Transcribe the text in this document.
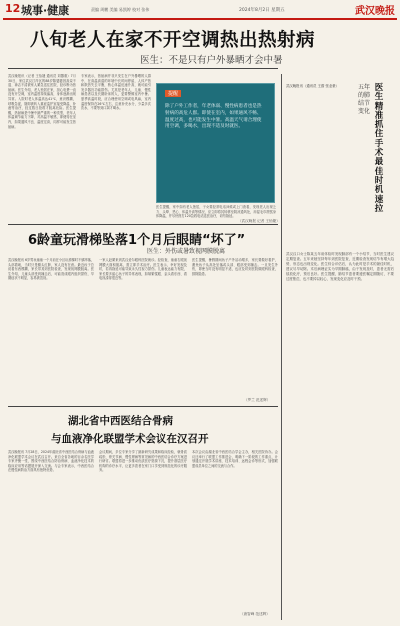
12 城事·健康	责编 周鹏 美编 易凯婷 校对 张伟	2024年8月2日 星期五	武汉晚报
八旬老人在家不开空调热出热射病
医生：不是只有户外暴晒才会中暑
武汉晚报讯（记者 王怡婕 通讯员 刘馨惠）7月30日，家住武汉江岸区的88岁陈婆婆因高烧不退、神志不清被家人紧急送往医院，经诊断为热射病。医生介绍，老人独居在家，担心电费一直没有开空调，室内温度持续偏高，身体逐渐出现异常。入院时老人体温高达41℃，意识模糊，呼吸急促，随即被转入重症监护室接受降温、补液等治疗，经过数日抢救才脱离危险。医生提醒，热射病是中暑中最严重的一种类型，老年人体温调节能力下降，对高温不敏感，即便待在室内，如果通风不良、温度过高，同样可能发生热射病。
专家表示，热射病并非只发生在户外暴晒的人群中，在高温高湿的环境中长时间停留，人体产热和散热失去平衡，核心体温迅速升高，就可能引发多器官功能损伤。尤其是老年人、儿童、慢性病患者以及长期卧床的人，更要警惕室内中暑。夏季高温时段，应合理使用空调或电风扇，室内温度保持在26℃左右，注意补充水分，少量多次饮水，不要等到口渴才喝水。
医生提醒，家中如有老人独居，子女要经常电话问候或上门查看，发现老人出现乏力、头晕、恶心、体温升高等情况，应立即将其转移至阴凉通风处，用湿毛巾擦拭身体降温，并尽快拨打120急救电话送医治疗，切勿拖延。
提醒
除了户外工作者，年老体弱、慢性病患者也是热射病的高危人群。即使在室内，如果通风不畅、温度过高，也可能发生中暑。高温天气请合理使用空调，多喝水，出现不适及时就医。
（武汉晚报 记者 王怡婕）
6龄童玩滑梯坠落1个月后眼睛“坏了”
医生：外伤或暑致视网膜脱离
武汉晚报讯 6岁男孩童童一个月前在小区玩滑梯时不慎摔落，头部着地，当时只是额头红肿，家人没有在意。最近孩子总说看东西模糊，家长带其到医院检查，发现视网膜脱离。医生介绍，儿童头部受到撞击后，可能造成眼内组织损伤，早期症状不明显，容易被忽视。
一家人赶紧来到武汉爱尔眼科医院就诊。经检查，童童右眼视网膜大面积脱离，需立即手术治疗。医生表示，幸好发现及时，若再拖延可能导致永久性视力损伤。儿童表达能力有限，家长要多留心孩子的异常表现，如频繁揉眼、歪头看东西、看电视凑得很近等。
医生提醒，暑假期间孩子户外活动增多，家长要做好看护，避免孩子从高处坠落或头部、眼部受到撞击。一旦发生外伤，即使当时没有明显不适，也应及时到医院做眼科检查，排除隐患。
（罗兰 范述辉）
湖北省中西医结合骨病
与血液净化联盟学术会议在汉召开
武汉晚报讯 7月28日，2024年湖北省中西医结合骨病与血液净化联盟学术会议在武汉召开。来自全省各地的百余名医学专家齐聚一堂，围绕中西医结合防治骨病、血液净化技术的临床应用等话题展开深入交流。与会专家表示，中西医结合在慢性病防治方面具有独特优势。
会议期间，多位专家分享了最新研究成果和临床经验，就骨质疏松、骨关节病、慢性肾病等常见病的中西医结合诊疗方案进行研讨。联盟将进一步推动优质医疗资源下沉，提升基层医疗机构的诊疗水平，让更多患者在家门口享受到规范化的诊疗服务。
本次会议由湖北省中西医结合学会主办，相关医院协办。会议还举行了联盟工作推进会，明确下一阶段的工作重点，计划通过开展学术讲座、技术培训、远程会诊等形式，加强联盟成员单位之间的交流与合作。
（唐智峰 范述辉）
医生精准抓住手术最佳时机速拉
五年的肺结节变化
武汉晚报讯（通讯员 王蔚 张业豪）
武汉汉口女士陈某五年前体检时发现肺部有一个小结节，当时医生建议定期复查。五年来她坚持每年到医院复查，近期检查发现结节有增大趋势，形态也出现变化。医生综合评估后，认为此时是手术的最佳时机，建议尽早切除。术后病理证实为早期肺癌，由于发现及时，患者无需后续放化疗，预后良好。医生提醒，肺结节患者要遵医嘱定期随访，不要过度焦虑，也不要掉以轻心，发现变化应及时干预。
